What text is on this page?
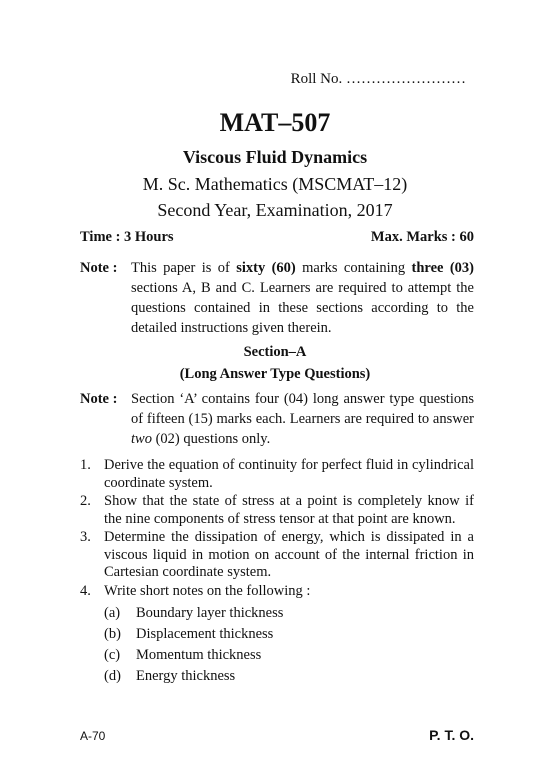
Roll No. ……………………
MAT–507
Viscous Fluid Dynamics
M. Sc. Mathematics (MSCMAT–12)
Second Year, Examination, 2017
Time : 3 Hours	Max. Marks : 60
Note : This paper is of sixty (60) marks containing three (03) sections A, B and C. Learners are required to attempt the questions contained in these sections according to the detailed instructions given therein.
Section–A
(Long Answer Type Questions)
Note : Section ‘A’ contains four (04) long answer type questions of fifteen (15) marks each. Learners are required to answer two (02) questions only.
1. Derive the equation of continuity for perfect fluid in cylindrical coordinate system.
2. Show that the state of stress at a point is completely know if the nine components of stress tensor at that point are known.
3. Determine the dissipation of energy, which is dissipated in a viscous liquid in motion on account of the internal friction in Cartesian coordinate system.
4. Write short notes on the following :
(a)	Boundary layer thickness
(b)	Displacement thickness
(c)	Momentum thickness
(d)	Energy thickness
A-70	P. T. O.
